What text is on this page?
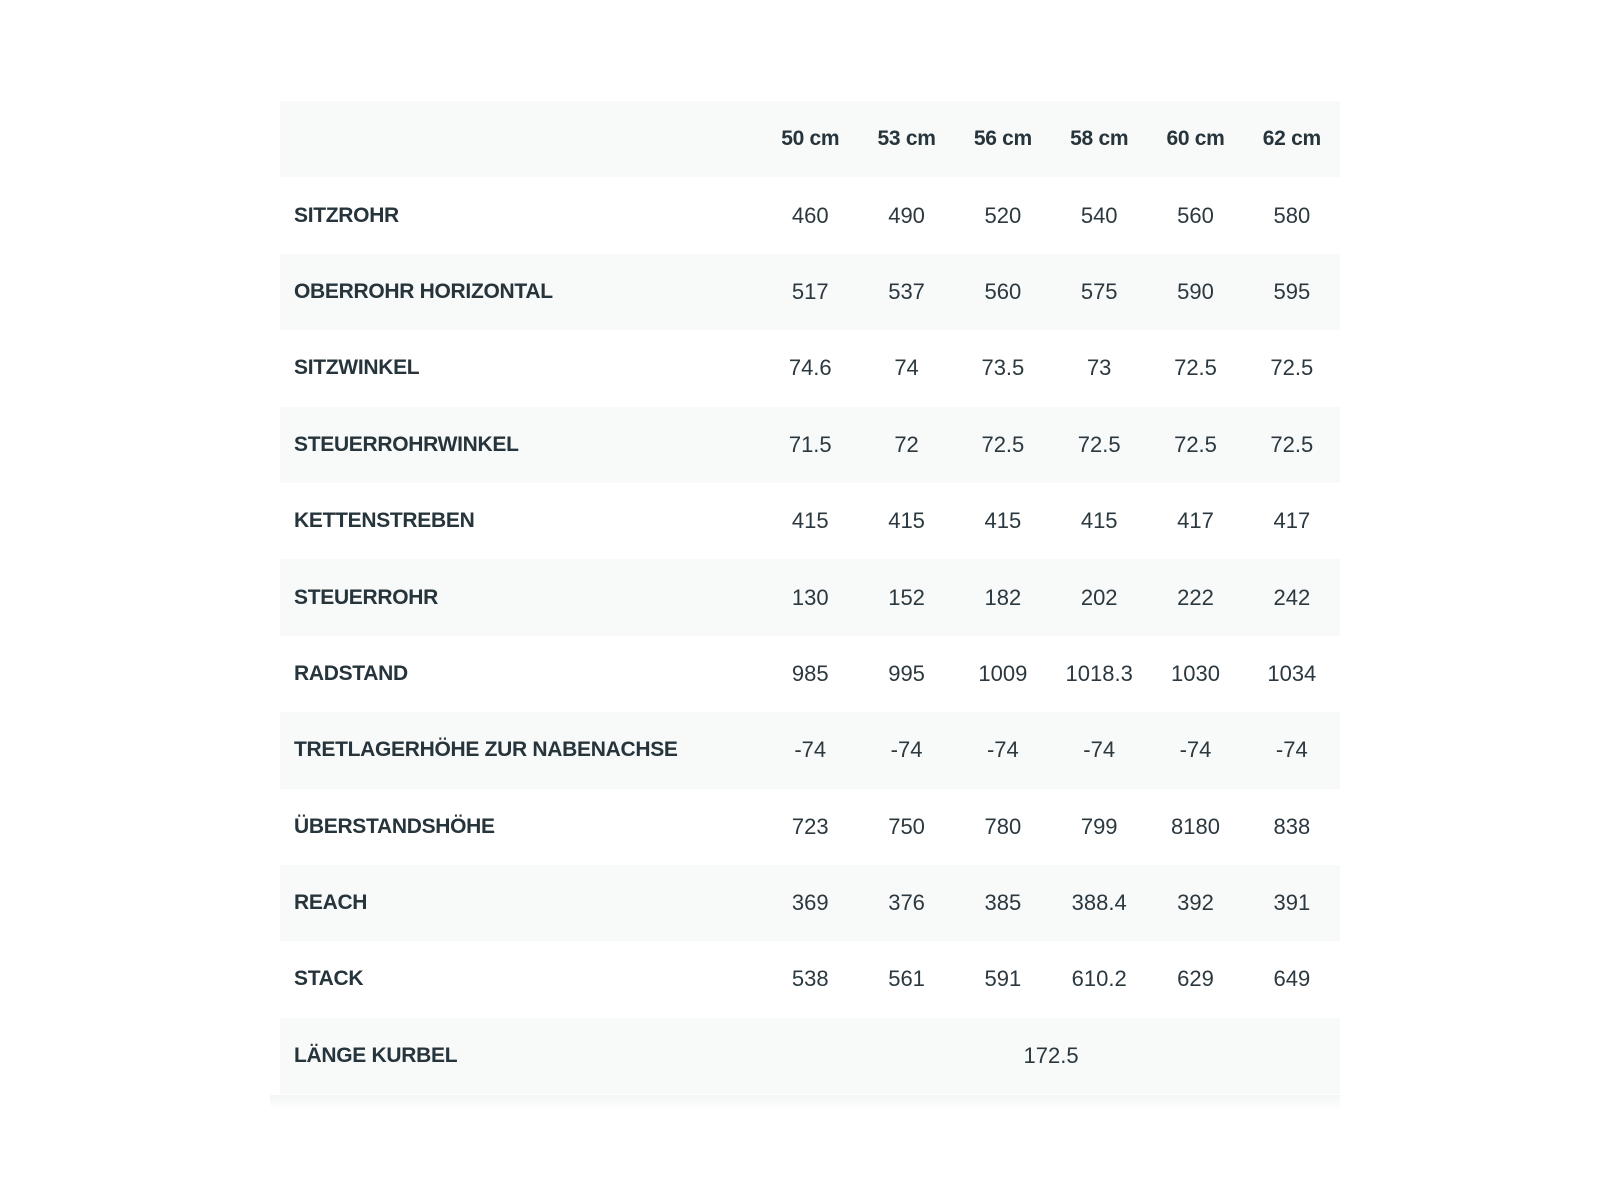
	50 cm	53 cm	56 cm	58 cm	60 cm	62 cm
SITZROHR	460	490	520	540	560	580
OBERROHR HORIZONTAL	517	537	560	575	590	595
SITZWINKEL	74.6	74	73.5	73	72.5	72.5
STEUERROHRWINKEL	71.5	72	72.5	72.5	72.5	72.5
KETTENSTREBEN	415	415	415	415	417	417
STEUERROHR	130	152	182	202	222	242
RADSTAND	985	995	1009	1018.3	1030	1034
TRETLAGERHÖHE ZUR NABENACHSE	-74	-74	-74	-74	-74	-74
ÜBERSTANDSHÖHE	723	750	780	799	8180	838
REACH	369	376	385	388.4	392	391
STACK	538	561	591	610.2	629	649
LÄNGE KURBEL	172.5					
